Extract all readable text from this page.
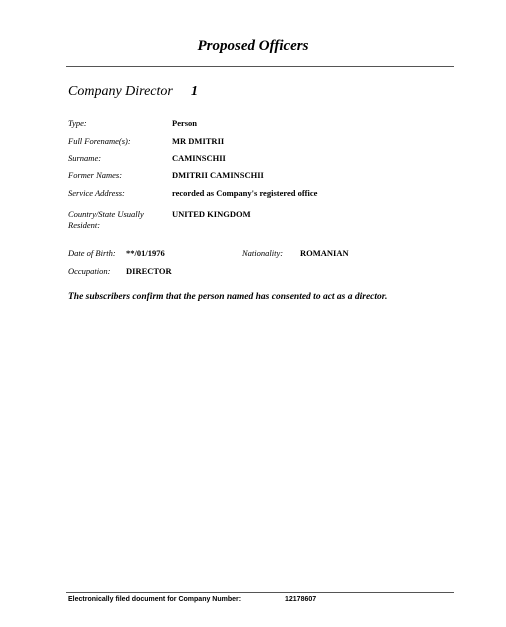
Proposed Officers
Company Director 1
Type:	Person
Full Forename(s):	MR DMITRII
Surname:	CAMINSCHII
Former Names:	DMITRII CAMINSCHII
Service Address:	recorded as Company's registered office
Country/State Usually Resident:
UNITED KINGDOM
Date of Birth: **/01/1976	Nationality: ROMANIAN
Occupation: DIRECTOR
The subscribers confirm that the person named has consented to act as a director.
Electronically filed document for Company Number:	12178607
